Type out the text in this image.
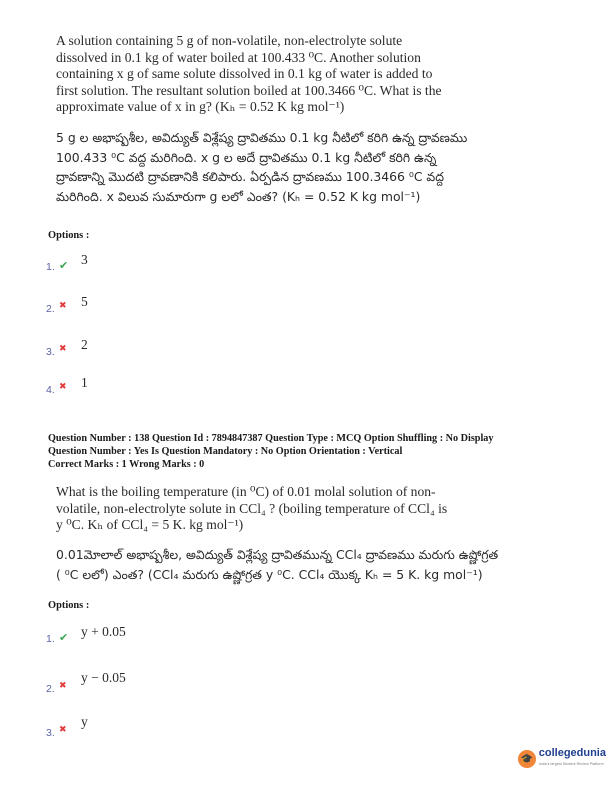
A solution containing 5 g of non-volatile, non-electrolyte solute
dissolved in 0.1 kg of water boiled at 100.433 ⁰C. Another solution
containing x g of same solute dissolved in 0.1 kg of water is added to
first solution. The resultant solution boiled at 100.3466 ⁰C. What is the
approximate value of x in g? (Kₕ = 0.52 K kg mol⁻¹)
5 g ల అభాష్పశీల, అవిద్యుత్ విశ్లేష్య ద్రావితము 0.1 kg నీటిలో కరిగి ఉన్న ద్రావణము
100.433 ⁰C వద్ద మరిగింది. x g ల అదే ద్రావితము 0.1 kg నీటిలో కరిగి ఉన్న
ద్రావణాన్ని మొదటి ద్రావణానికి కలిపారు. ఏర్పడిన ద్రావణము 100.3466 ⁰C వద్ద
మరిగింది. x విలువ సుమారుగా g లలో ఎంత? (Kₕ = 0.52 K kg mol⁻¹)
Options :
1. ✔ 3
2. ✖ 5
3. ✖ 2
4. ✖ 1
Question Number : 138 Question Id : 7894847387 Question Type : MCQ Option Shuffling : No Display
Question Number : Yes Is Question Mandatory : No Option Orientation : Vertical
Correct Marks : 1 Wrong Marks : 0
What is the boiling temperature (in ⁰C) of 0.01 molal solution of non-
volatile, non-electrolyte solute in CCl₄ ? (boiling temperature of CCl₄ is
y ⁰C. Kₕ of CCl₄ = 5 K. kg mol⁻¹)
0.01మోలాల్ అభాష్పశీల, అవిద్యుత్ విశ్లేష్య ద్రావితమున్న CCl₄ ద్రావణము మరుగు ఉష్ణోగ్రత
( ⁰C లలో) ఎంత? (CCl₄ మరుగు ఉష్ణోగ్రత y ⁰C. CCl₄ యొక్క Kₕ = 5 K. kg mol⁻¹)
Options :
1. ✔ y + 0.05
2. ✖
y − 0.05
3. ✖
y
🎓 collegedunia
India's largest Student Review Platform
